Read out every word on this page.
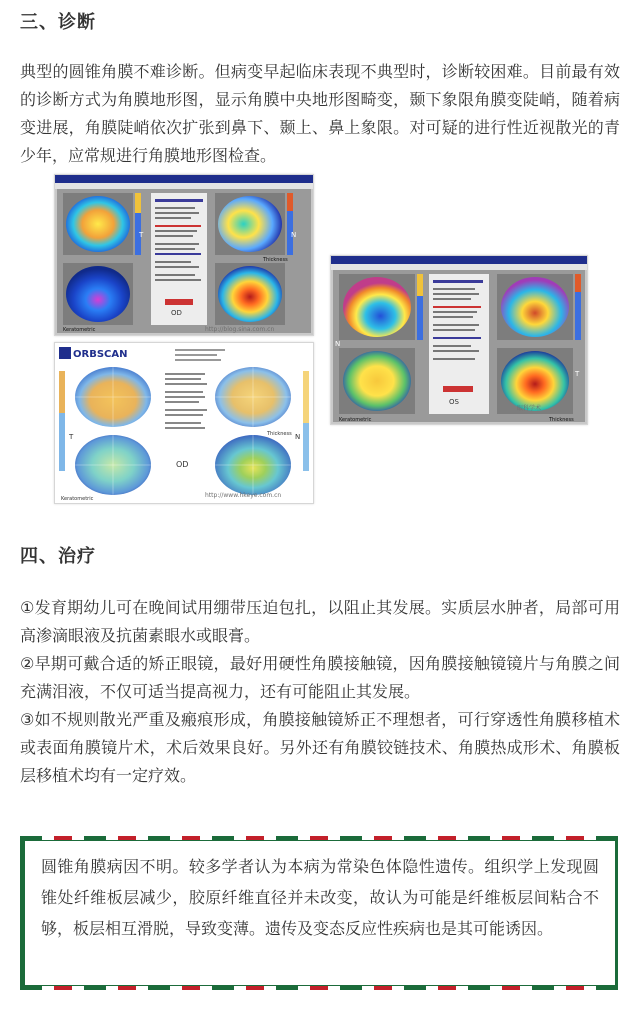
三、诊断

典型的圆锥角膜不难诊断。但病变早起临床表现不典型时，诊断较困难。目前最有效的诊断方式为角膜地形图，显示角膜中央地形图畸变，颞下象限角膜变陡峭，随着病变进展，角膜陡峭依次扩张到鼻下、颞上、鼻上象限。对可疑的进行性近视散光的青少年，应常规进行角膜地形图检查。

T	N
OD
Keratometric
Thickness
http://blog.sina.com.cn
ORBSCAN
T	N
OD
Keratometric
Thickness
http://www.hkeye.com.cn
T
N
OS
Keratometric	Thickness
眼科学术
四、治疗

①发育期幼儿可在晚间试用绷带压迫包扎，以阻止其发展。实质层水肿者，局部可用高渗滴眼液及抗菌素眼水或眼膏。

②早期可戴合适的矫正眼镜，最好用硬性角膜接触镜，因角膜接触镜镜片与角膜之间充满泪液，不仅可适当提高视力，还有可能阻止其发展。

③如不规则散光严重及瘢痕形成，角膜接触镜矫正不理想者，可行穿透性角膜移植术或表面角膜镜片术，术后效果良好。另外还有角膜铰链技术、角膜热成形术、角膜板层移植术均有一定疗效。

圆锥角膜病因不明。较多学者认为本病为常染色体隐性遗传。组织学上发现圆锥处纤维板层减少，胶原纤维直径并未改变，故认为可能是纤维板层间粘合不够，板层相互滑脱，导致变薄。遗传及变态反应性疾病也是其可能诱因。
